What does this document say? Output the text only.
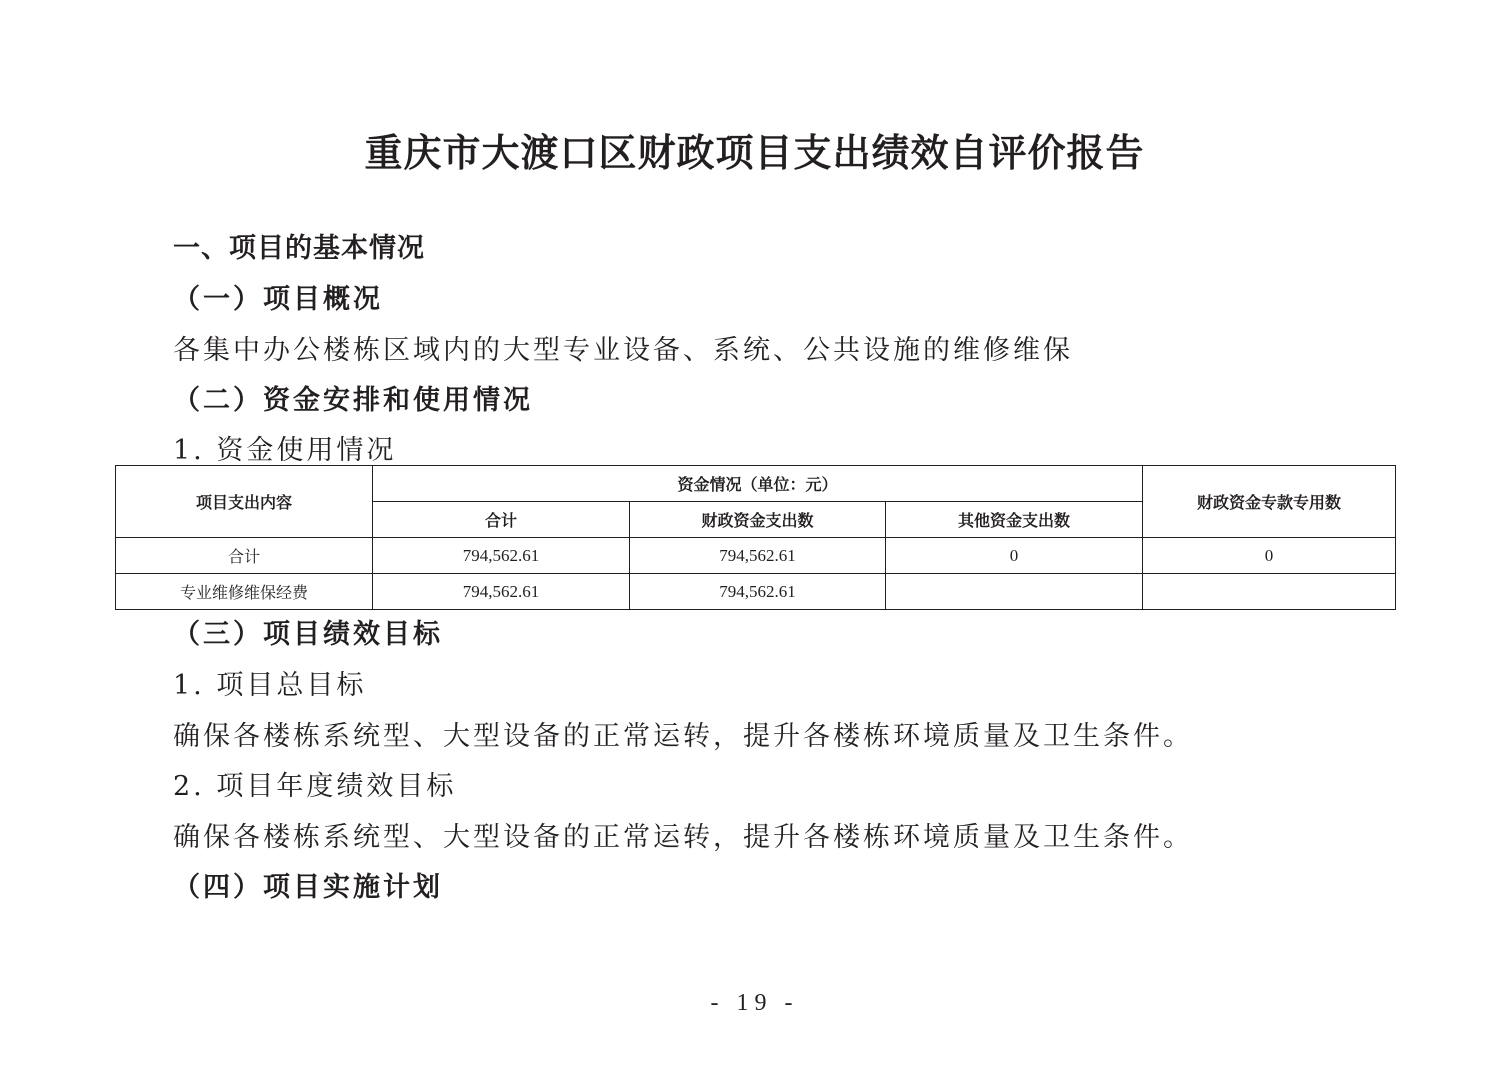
重庆市大渡口区财政项目支出绩效自评价报告
一、项目的基本情况
（一）项目概况
各集中办公楼栋区域内的大型专业设备、系统、公共设施的维修维保
（二）资金安排和使用情况
1. 资金使用情况
项目支出内容	资金情况（单位：元）			财政资金专款专用数
	合计	财政资金支出数	其他资金支出数	
合计	794,562.61	794,562.61	0	0
专业维修维保经费	794,562.61	794,562.61		
（三）项目绩效目标
1. 项目总目标
确保各楼栋系统型、大型设备的正常运转，提升各楼栋环境质量及卫生条件。
2. 项目年度绩效目标
确保各楼栋系统型、大型设备的正常运转，提升各楼栋环境质量及卫生条件。
（四）项目实施计划
- 19 -
